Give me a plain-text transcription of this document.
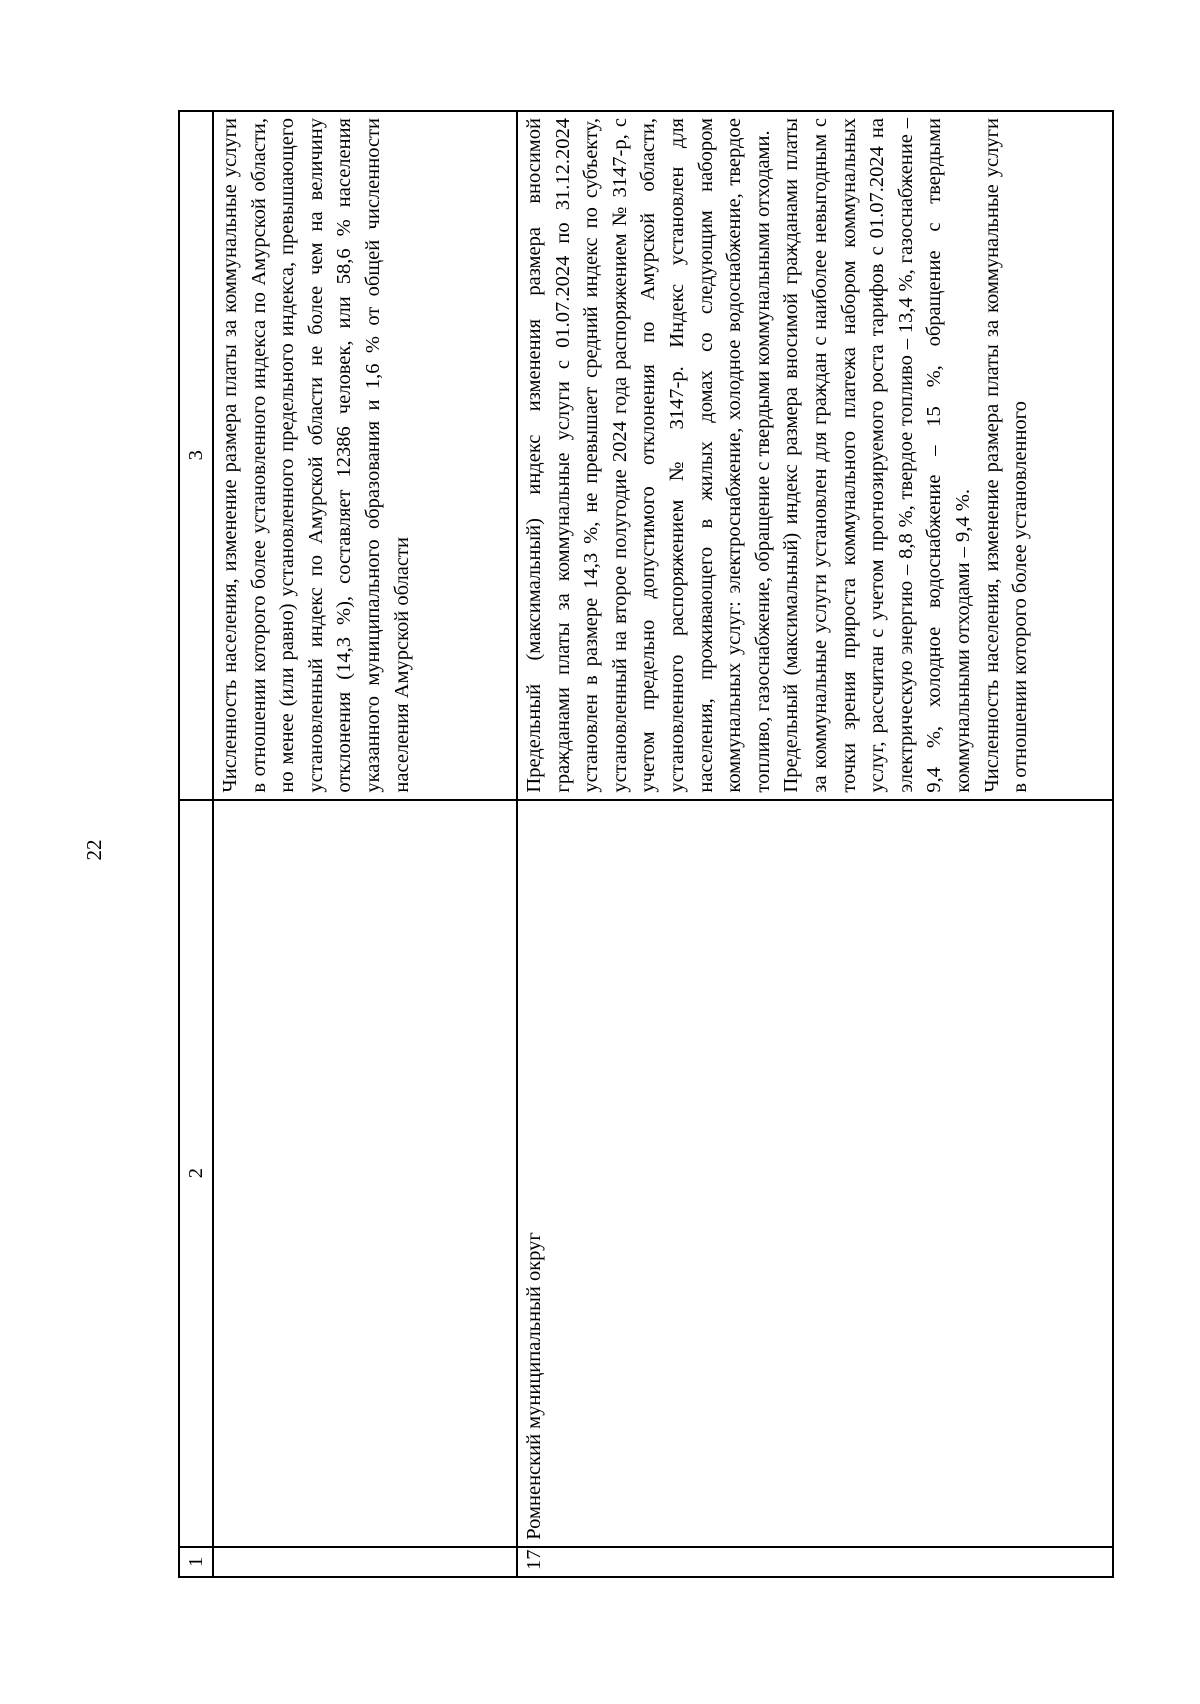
22
1	2	3

		Численность населения, изменение размера платы за коммунальные услуги в отношении которого более установленного индекса по Амурской области, но менее (или равно) установленного предельного индекса, превышающего установленный индекс по Амурской области не более чем на величину отклонения (14,3 %), составляет 12386 человек, или 58,6 % населения указанного муниципального образования и 1,6 % от общей численности населения Амурской области

17	Ромненский муниципальный округ	Предельный (максимальный) индекс изменения размера вносимой гражданами платы за коммунальные услуги с 01.07.2024 по 31.12.2024 установлен в размере 14,3 %, не превышает средний индекс по субъекту, установленный на второе полугодие 2024 года распоряжением № 3147-р, с учетом предельно допустимого отклонения по Амурской области, установленного распоряжением № 3147-р. Индекс установлен для населения, проживающего в жилых домах со следующим набором коммунальных услуг: электроснабжение, холодное водоснабжение, твердое топливо, газоснабжение, обращение с твердыми коммунальными отходами. Предельный (максимальный) индекс размера вносимой гражданами платы за коммунальные услуги установлен для граждан с наиболее невыгодным с точки зрения прироста коммунального платежа набором коммунальных услуг, рассчитан с учетом прогнозируемого роста тарифов с 01.07.2024 на электрическую энергию – 8,8 %, твердое топливо – 13,4 %, газоснабжение – 9,4 %, холодное водоснабжение – 15 %, обращение с твердыми коммунальными отходами – 9,4 %. Численность населения, изменение размера платы за коммунальные услуги в отношении которого более установленного
